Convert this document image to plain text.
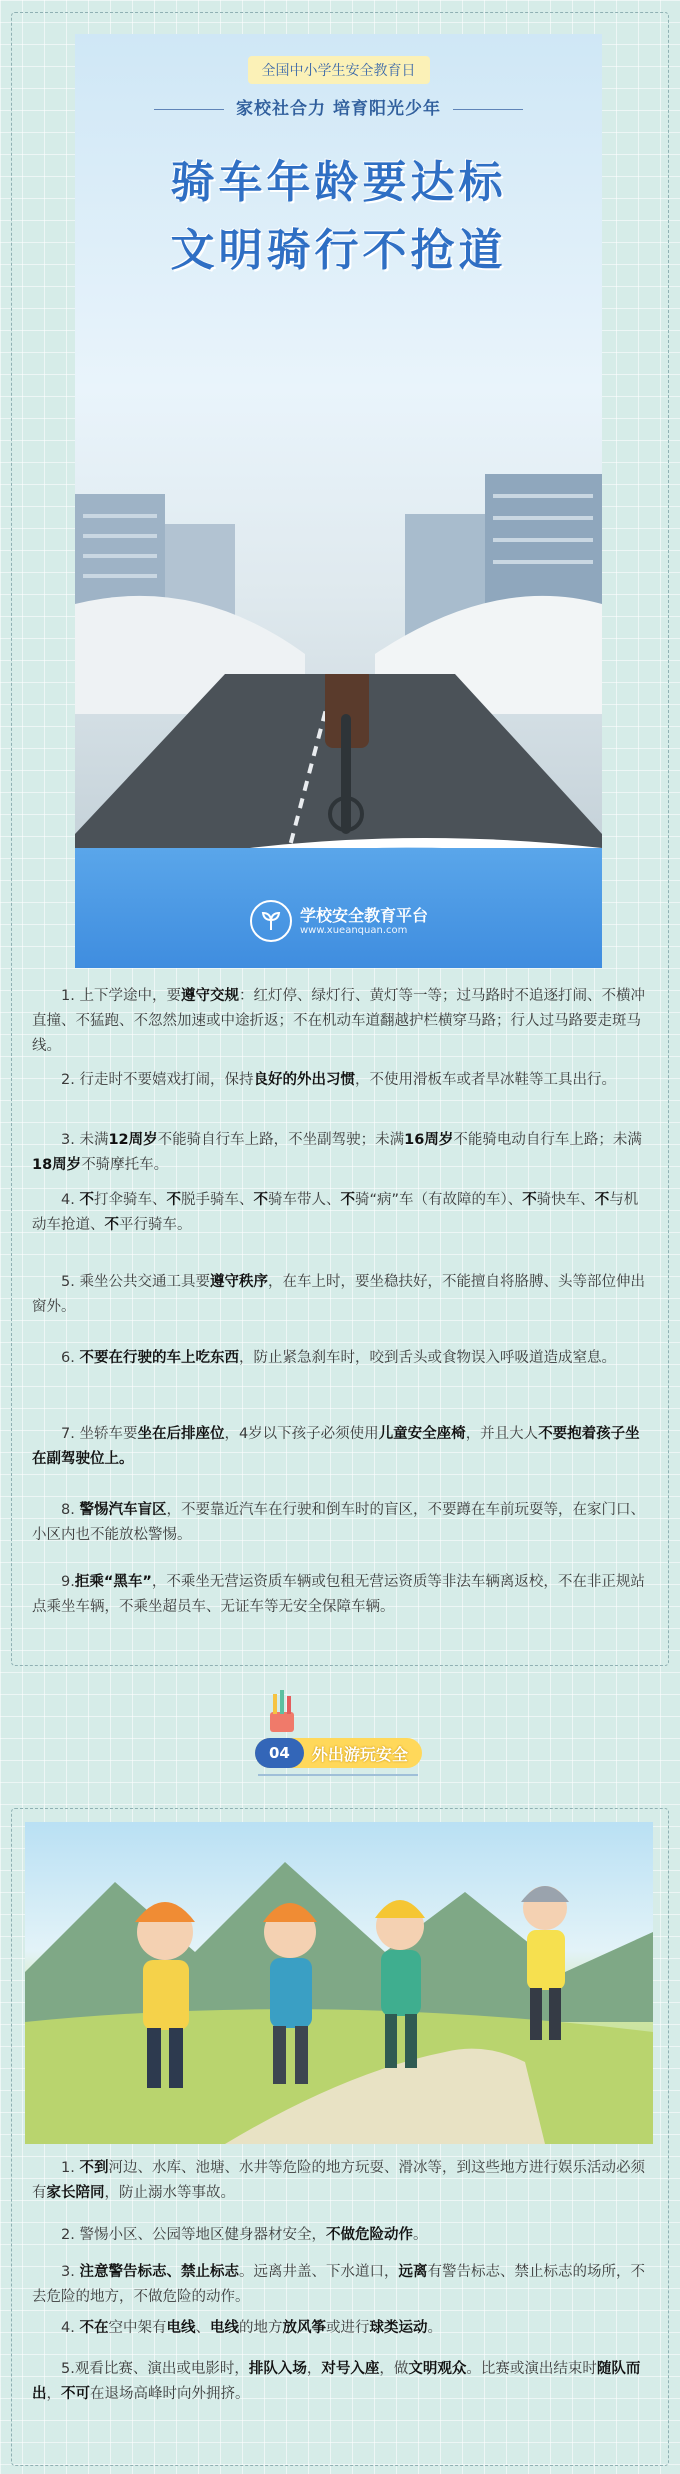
全国中小学生安全教育日
家校社合力 培育阳光少年
骑车年龄要达标
文明骑行不抢道
学校安全教育平台
www.xueanquan.com
1. 上下学途中，要遵守交规：红灯停、绿灯行、黄灯等一等；过马路时不追逐打闹、不横冲直撞、不猛跑、不忽然加速或中途折返；不在机动车道翻越护栏横穿马路；行人过马路要走斑马线。
2. 行走时不要嬉戏打闹，保持良好的外出习惯，不使用滑板车或者旱冰鞋等工具出行。
3. 未满12周岁不能骑自行车上路，不坐副驾驶；未满16周岁不能骑电动自行车上路；未满18周岁不骑摩托车。
4. 不打伞骑车、不脱手骑车、不骑车带人、不骑“病”车（有故障的车）、不骑快车、不与机动车抢道、不平行骑车。
5. 乘坐公共交通工具要遵守秩序，在车上时，要坐稳扶好，不能擅自将胳膊、头等部位伸出窗外。
6. 不要在行驶的车上吃东西，防止紧急刹车时，咬到舌头或食物误入呼吸道造成窒息。
7. 坐轿车要坐在后排座位，4岁以下孩子必须使用儿童安全座椅，并且大人不要抱着孩子坐在副驾驶位上。
8. 警惕汽车盲区，不要靠近汽车在行驶和倒车时的盲区，不要蹲在车前玩耍等，在家门口、小区内也不能放松警惕。
9.拒乘“黑车”，不乘坐无营运资质车辆或包租无营运资质等非法车辆离返校，不在非正规站点乘坐车辆，不乘坐超员车、无证车等无安全保障车辆。
04	外出游玩安全
1. 不到河边、水库、池塘、水井等危险的地方玩耍、滑冰等，到这些地方进行娱乐活动必须有家长陪同，防止溺水等事故。
2. 警惕小区、公园等地区健身器材安全，不做危险动作。
3. 注意警告标志、禁止标志。远离井盖、下水道口，远离有警告标志、禁止标志的场所，不去危险的地方，不做危险的动作。
4. 不在空中架有电线、电线的地方放风筝或进行球类运动。
5.观看比赛、演出或电影时，排队入场，对号入座，做文明观众。比赛或演出结束时随队而出，不可在退场高峰时向外拥挤。
